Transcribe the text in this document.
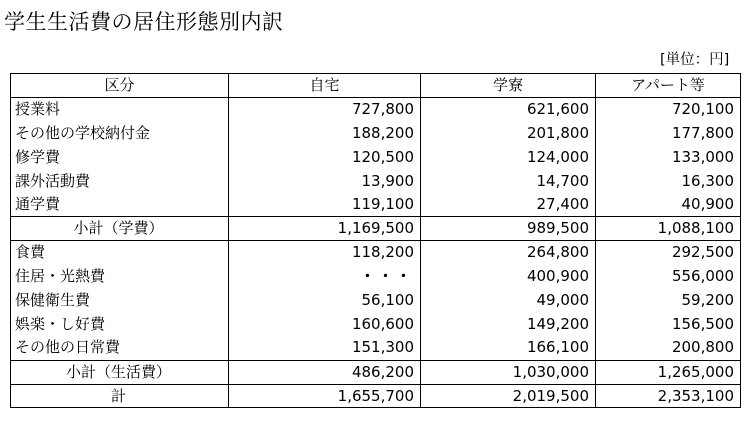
学生生活費の居住形態別内訳
[単位：円]
区分	自宅	学寮	アパート等
授業料	727,800	621,600	720,100
その他の学校納付金	188,200	201,800	177,800
修学費	120,500	124,000	133,000
課外活動費	13,900	14,700	16,300
通学費	119,100	27,400	40,900
小計（学費）	1,169,500	989,500	1,088,100
食費	118,200	264,800	292,500
住居・光熱費	・・・	400,900	556,000
保健衛生費	56,100	49,000	59,200
娯楽・し好費	160,600	149,200	156,500
その他の日常費	151,300	166,100	200,800
小計（生活費）	486,200	1,030,000	1,265,000
計	1,655,700	2,019,500	2,353,100
